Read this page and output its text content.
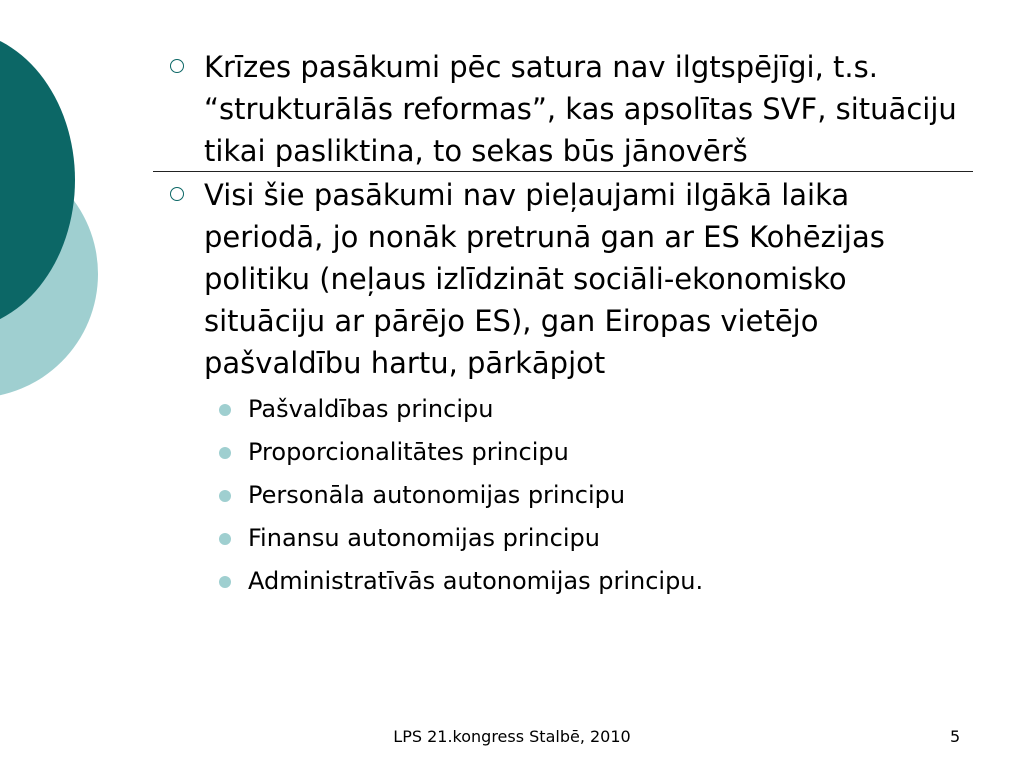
Krīzes pasākumi pēc satura nav ilgtspējīgi, t.s. “strukturālās reformas”, kas apsolītas SVF, situāciju tikai pasliktina, to sekas būs jānovērš

Visi šie pasākumi nav pieļaujami ilgākā laika periodā, jo nonāk pretrunā gan ar ES Kohēzijas politiku (neļaus izlīdzināt sociāli-ekonomisko situāciju ar pārējo ES), gan Eiropas vietējo pašvaldību hartu, pārkāpjot

Pašvaldības principu
Proporcionalitātes principu
Personāla autonomijas principu
Finansu autonomijas principu
Administratīvās autonomijas principu.
LPS 21.kongress Stalbē, 2010	5
